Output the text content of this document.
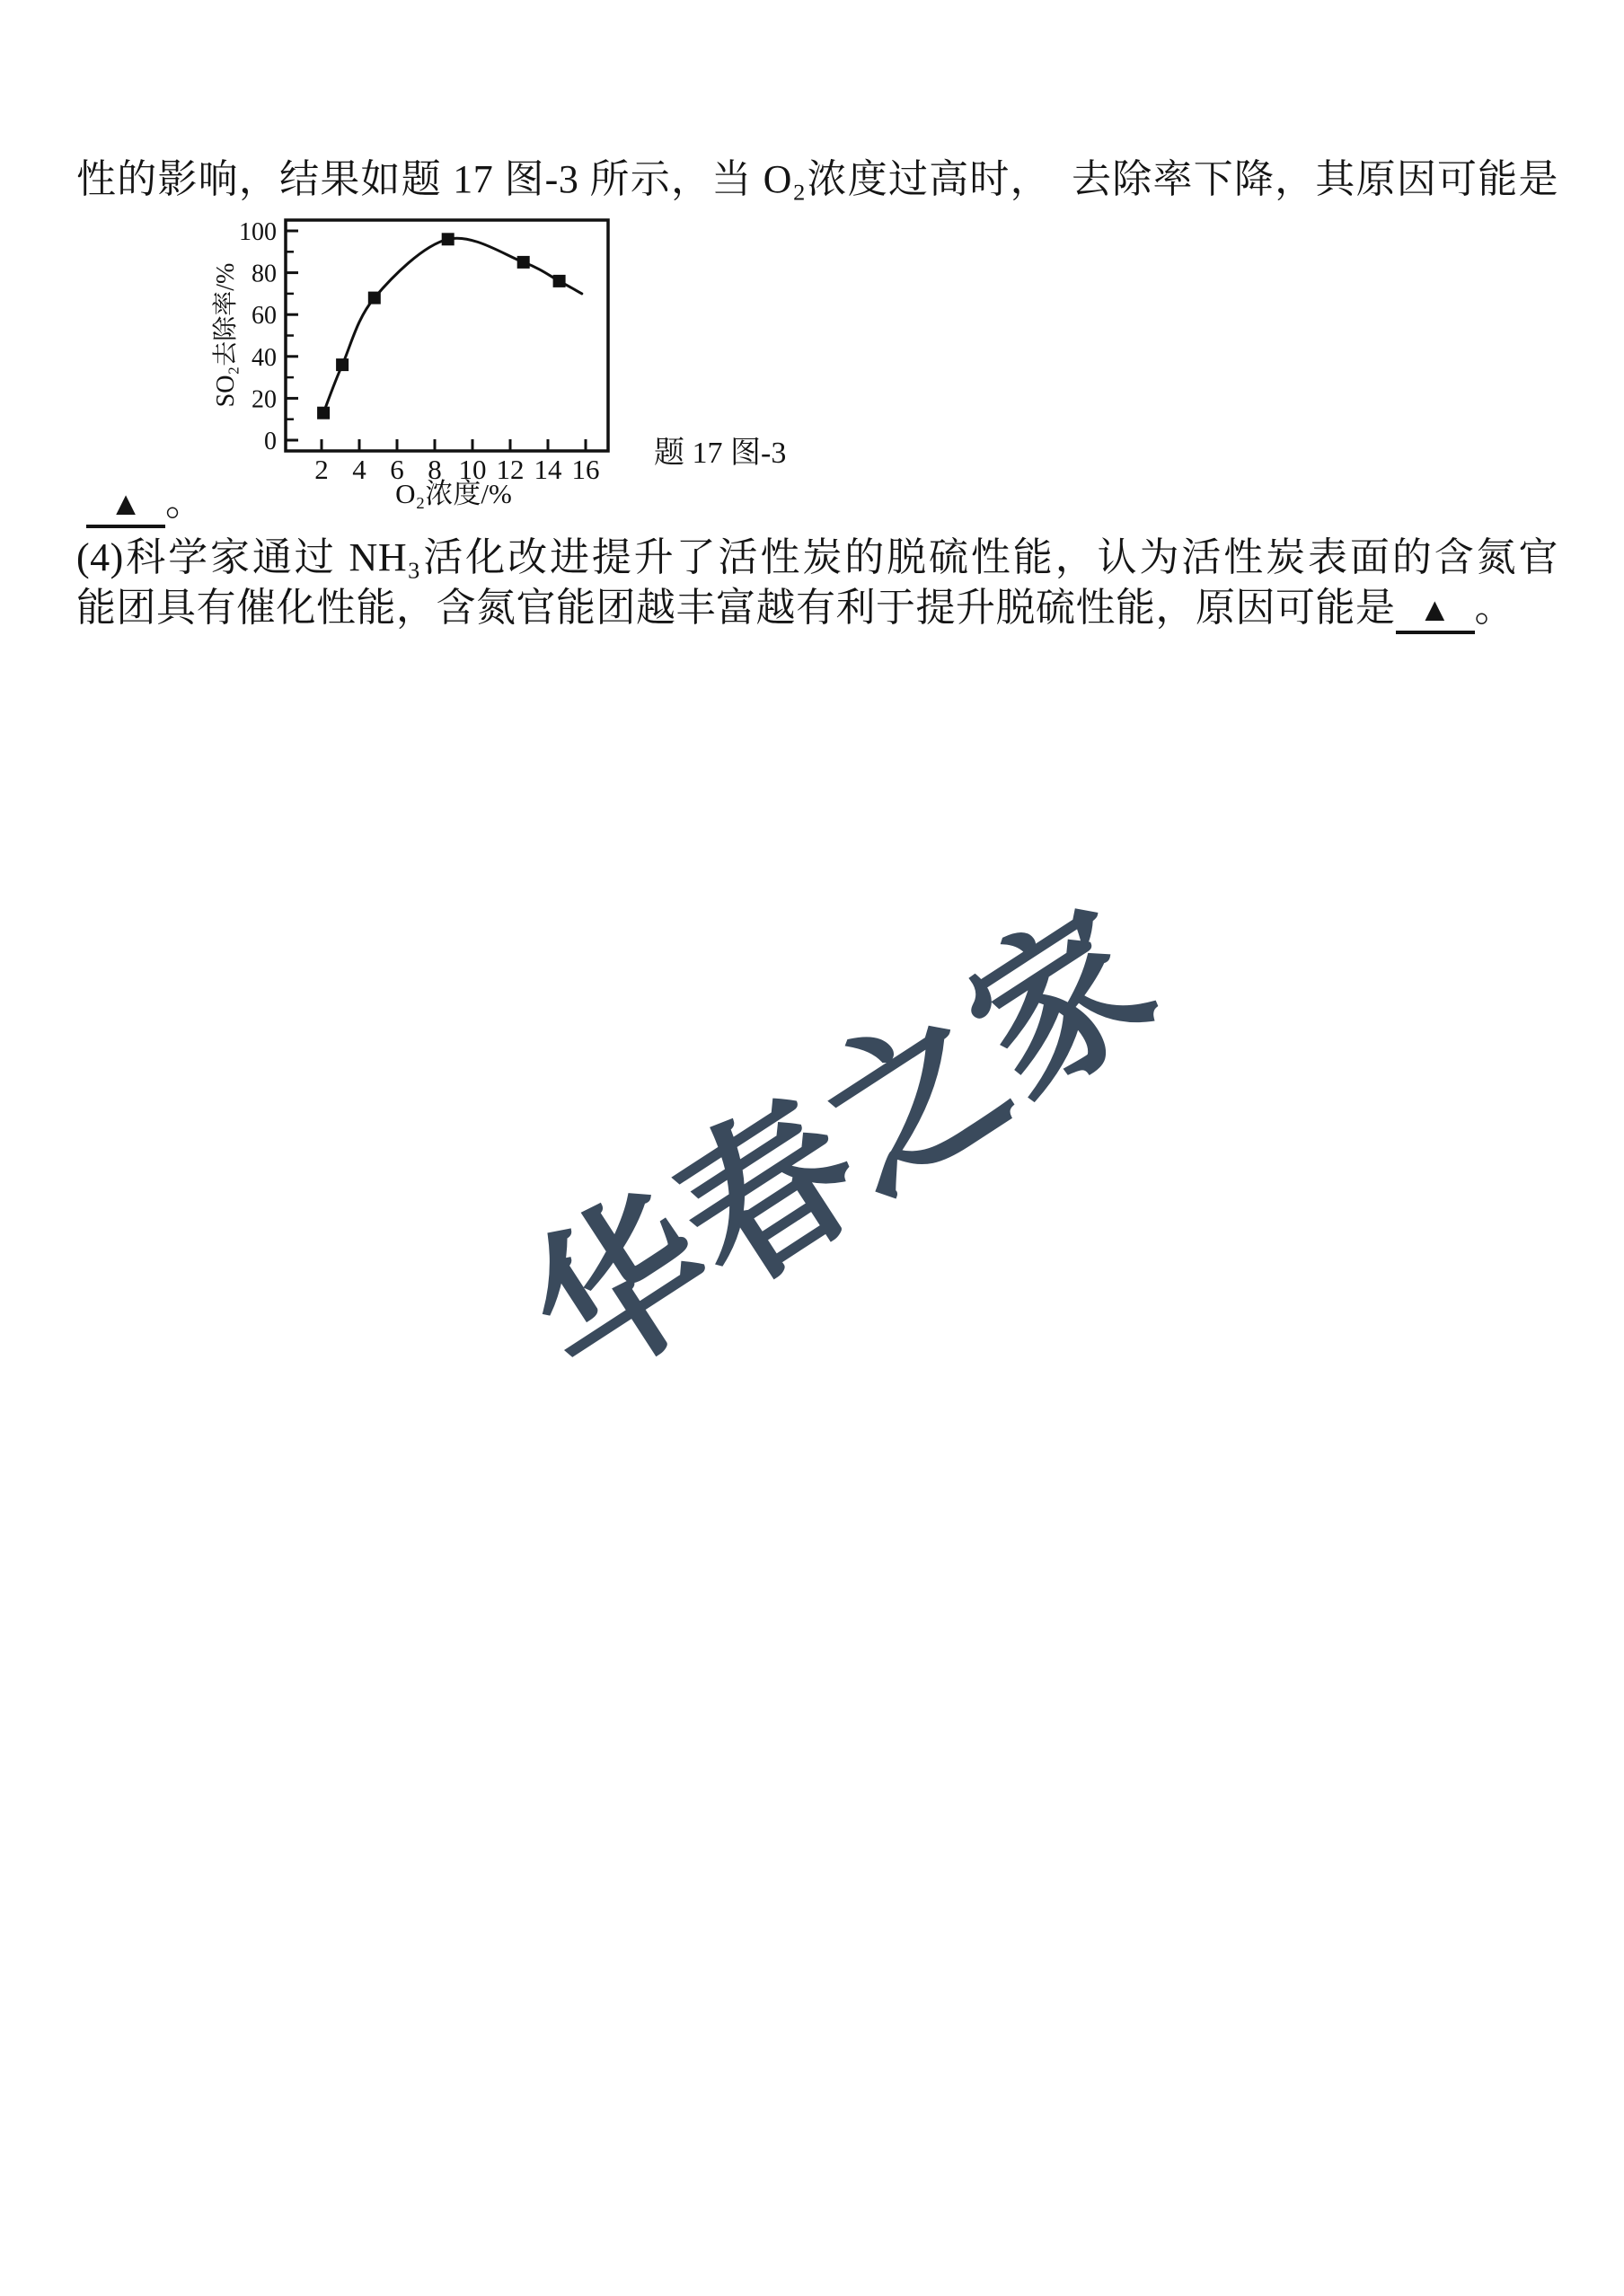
性的影响，结果如题 17 图-3 所示，当 O₂浓度过高时，　去除率下降，其原因可能是
0
20
40
60
80
100
2 4 6 8 10 12 14 16
SO₂去除率/%
O₂浓度/%
题 17 图-3
▲ 。
(4)科学家通过 NH₃活化改进提升了活性炭的脱硫性能，认为活性炭表面的含氮官
能团具有催化性能，含氮官能团越丰富越有利于提升脱硫性能，原因可能是 ▲ 。
华春之家
